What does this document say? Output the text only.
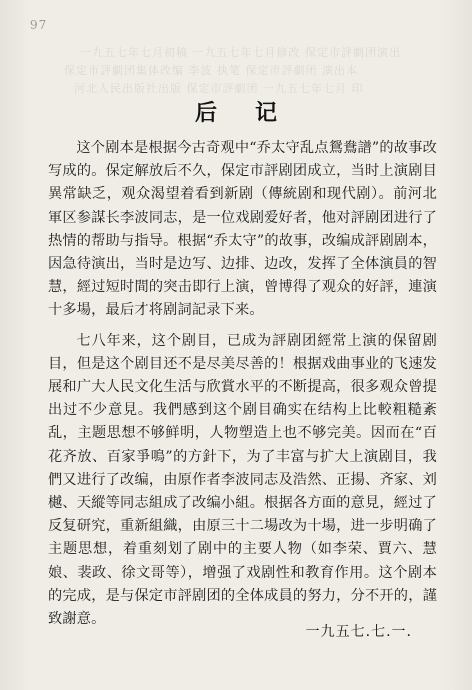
97
一九五七年七月初稿 一九五七年七月修改 保定市評劇团演出
保定市評劇团集体改编 李波 执笔 保定市評劇团 演出本
河北人民出版社出版 保定市評劇团 一九五七年七月 印
后记

这个剧本是根据今古奇观中“乔太守乱点鴛鴦譜”的故事改写成的。保定解放后不久，保定市評剧团成立，当时上演剧目異常缺乏，观众渴望着看到新剧（傳統剧和现代剧）。前河北軍区参謀长李波同志，是一位戏剧爱好者，他对評剧团进行了热情的帮助与指导。根据“乔太守”的故事，改编成評剧剧本，因急待演出，当时是边写、边排、边改，发挥了全体演員的智慧，經过短时間的突击即行上演，曾博得了观众的好評，連演十多場，最后才将剧詞記录下来。

七八年来，这个剧目，已成为評剧团經常上演的保留剧目，但是这个剧目还不是尽美尽善的！根据戏曲事业的飞速发展和广大人民文化生活与欣賞水平的不断提高，很多观众曾提出过不少意見。我們感到这个剧目确实在结构上比較粗糙紊乱，主题思想不够鲜明，人物塑造上也不够完美。因而在“百花齐放、百家爭鳴”的方針下，为了丰富与扩大上演剧目，我們又进行了改编，由原作者李波同志及浩然、正揚、齐家、刘樾、天縱等同志組成了改编小組。根据各方面的意見，經过了反复研究，重新組織，由原三十二場改为十場，进一步明确了主题思想，着重刻划了剧中的主要人物（如李荣、賈六、慧娘、裴政、徐文哥等），增强了戏剧性和教育作用。这个剧本的完成，是与保定市評剧团的全体成員的努力，分不开的，謹致謝意。

一九五七.七.一.
